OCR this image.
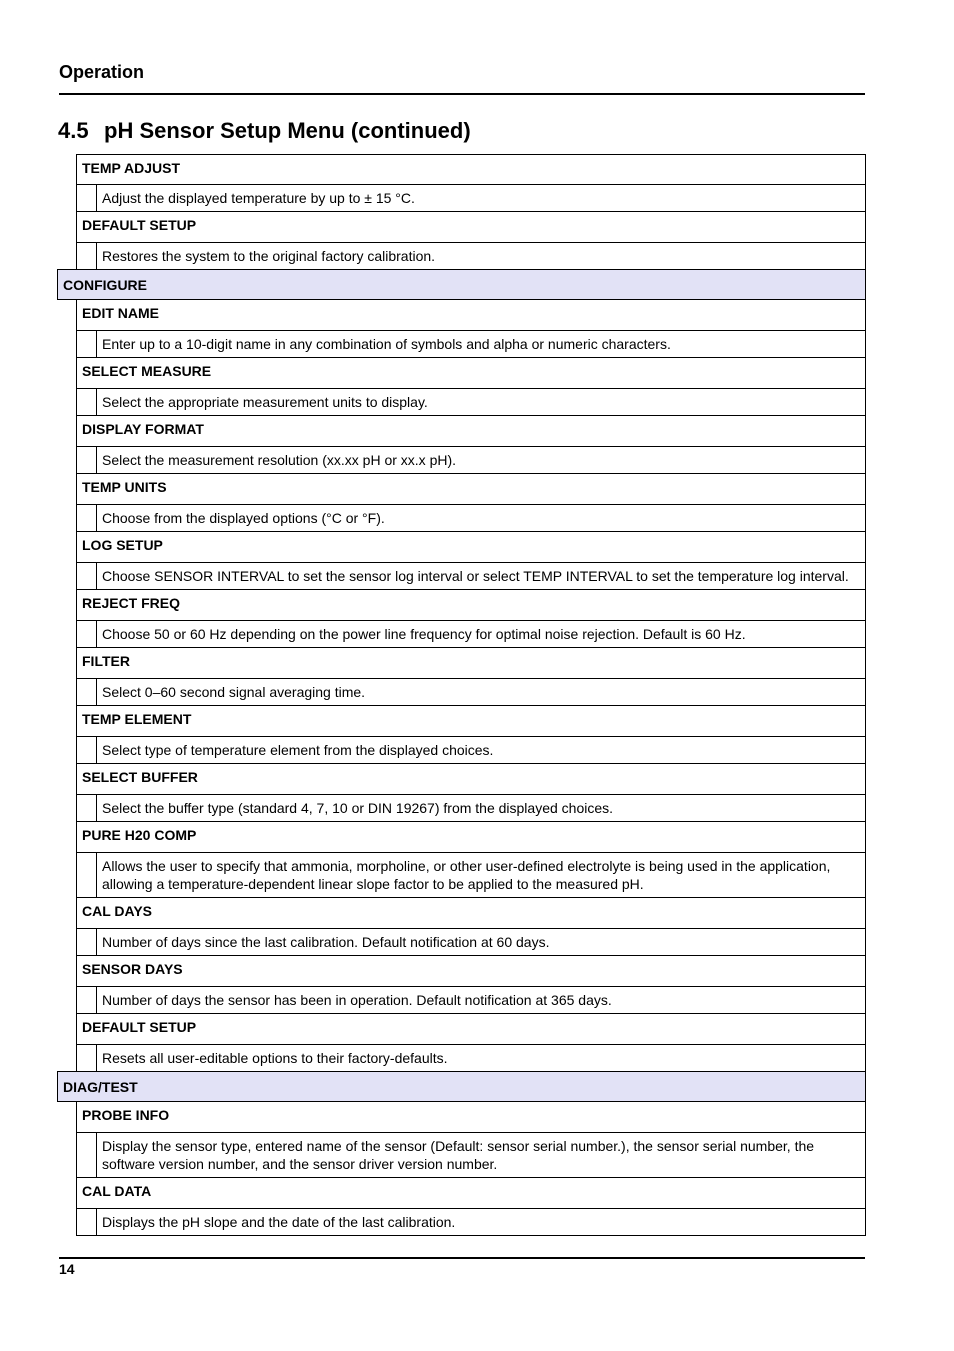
Operation
4.5 pH Sensor Setup Menu (continued)
TEMP ADJUST
Adjust the displayed temperature by up to ± 15 °C.
DEFAULT SETUP
Restores the system to the original factory calibration.
CONFIGURE
EDIT NAME
Enter up to a 10-digit name in any combination of symbols and alpha or numeric characters.
SELECT MEASURE
Select the appropriate measurement units to display.
DISPLAY FORMAT
Select the measurement resolution (xx.xx pH or xx.x pH).
TEMP UNITS
Choose from the displayed options (°C or °F).
LOG SETUP
Choose SENSOR INTERVAL to set the sensor log interval or select TEMP INTERVAL to set the temperature log interval.
REJECT FREQ
Choose 50 or 60 Hz depending on the power line frequency for optimal noise rejection. Default is 60 Hz.
FILTER
Select 0–60 second signal averaging time.
TEMP ELEMENT
Select type of temperature element from the displayed choices.
SELECT BUFFER
Select the buffer type (standard 4, 7, 10 or DIN 19267) from the displayed choices.
PURE H20 COMP
Allows the user to specify that ammonia, morpholine, or other user-defined electrolyte is being used in the application, allowing a temperature-dependent linear slope factor to be applied to the measured pH.
CAL DAYS
Number of days since the last calibration. Default notification at 60 days.
SENSOR DAYS
Number of days the sensor has been in operation. Default notification at 365 days.
DEFAULT SETUP
Resets all user-editable options to their factory-defaults.
DIAG/TEST
PROBE INFO
Display the sensor type, entered name of the sensor (Default: sensor serial number.), the sensor serial number, the software version number, and the sensor driver version number.
CAL DATA
Displays the pH slope and the date of the last calibration.
14
